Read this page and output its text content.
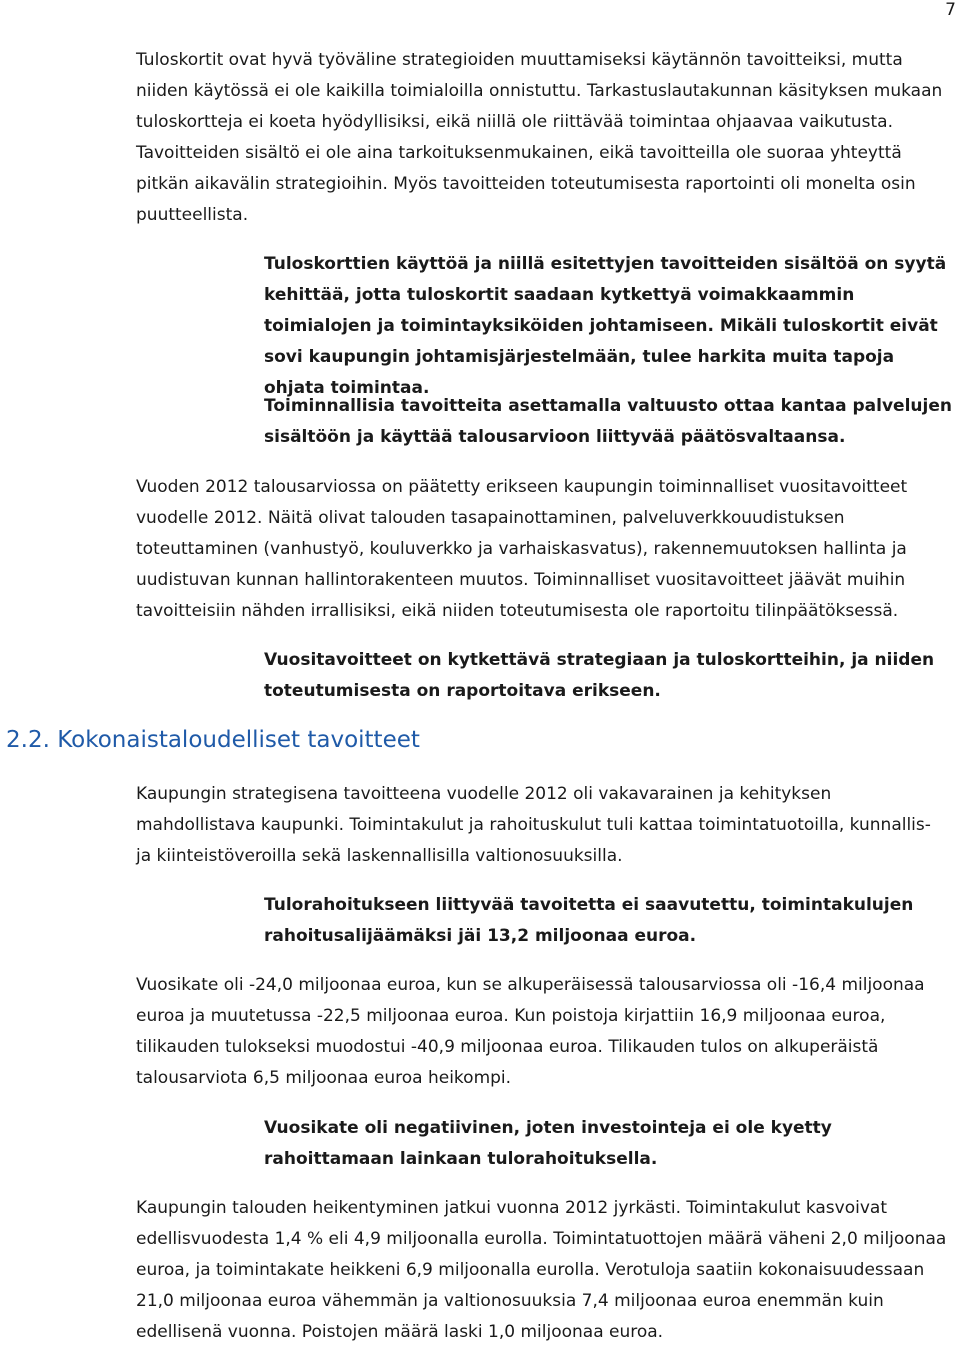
7

Tuloskortit ovat hyvä työväline strategioiden muuttamiseksi käytännön tavoitteiksi, mutta niiden käytössä ei ole kaikilla toimialoilla onnistuttu. Tarkastuslautakunnan käsityksen mukaan tuloskortteja ei koeta hyödyllisiksi, eikä niillä ole riittävää toimintaa ohjaavaa vaikutusta. Tavoitteiden sisältö ei ole aina tarkoituksenmukainen, eikä tavoitteilla ole suoraa yhteyttä pitkän aikavälin strategioihin. Myös tavoitteiden toteutumisesta raportointi oli monelta osin puutteellista.

Tuloskorttien käyttöä ja niillä esitettyjen tavoitteiden sisältöä on syytä kehittää, jotta tuloskortit saadaan kytkettyä voimakkaammin toimialojen ja toimintayksiköiden johtamiseen. Mikäli tuloskortit eivät sovi kaupungin johtamisjärjestelmään, tulee harkita muita tapoja ohjata toimintaa.

Toiminnallisia tavoitteita asettamalla valtuusto ottaa kantaa palvelujen sisältöön ja käyttää talousarvioon liittyvää päätösvaltaansa.

Vuoden 2012 talousarviossa on päätetty erikseen kaupungin toiminnalliset vuositavoitteet vuodelle 2012. Näitä olivat talouden tasapainottaminen, palveluverkkouudistuksen toteuttaminen (vanhustyö, kouluverkko ja varhaiskasvatus), rakennemuutoksen hallinta ja uudistuvan kunnan hallintorakenteen muutos. Toiminnalliset vuositavoitteet jäävät muihin tavoitteisiin nähden irrallisiksi, eikä niiden toteutumisesta ole raportoitu tilinpäätöksessä.

Vuositavoitteet on kytkettävä strategiaan ja tuloskortteihin, ja niiden toteutumisesta on raportoitava erikseen.

2.2. Kokonaistaloudelliset tavoitteet

Kaupungin strategisena tavoitteena vuodelle 2012 oli vakavarainen ja kehityksen mahdollistava kaupunki. Toimintakulut ja rahoituskulut tuli kattaa toimintatuotoilla, kunnallis- ja kiinteistöveroilla sekä laskennallisilla valtionosuuksilla.

Tulorahoitukseen liittyvää tavoitetta ei saavutettu, toimintakulujen rahoitusalijäämäksi jäi 13,2 miljoonaa euroa.

Vuosikate oli -24,0 miljoonaa euroa, kun se alkuperäisessä talousarviossa oli -16,4 miljoonaa euroa ja muutetussa -22,5 miljoonaa euroa. Kun poistoja kirjattiin 16,9 miljoonaa euroa, tilikauden tulokseksi muodostui -40,9 miljoonaa euroa. Tilikauden tulos on alkuperäistä talousarviota 6,5 miljoonaa euroa heikompi.

Vuosikate oli negatiivinen, joten investointeja ei ole kyetty rahoittamaan lainkaan tulorahoituksella.

Kaupungin talouden heikentyminen jatkui vuonna 2012 jyrkästi. Toimintakulut kasvoivat edellisvuodesta 1,4 % eli 4,9 miljoonalla eurolla. Toimintatuottojen määrä väheni 2,0 miljoonaa euroa, ja toimintakate heikkeni 6,9 miljoonalla eurolla. Verotuloja saatiin kokonaisuudessaan 21,0 miljoonaa euroa vähemmän ja valtionosuuksia 7,4 miljoonaa euroa enemmän kuin edellisenä vuonna. Poistojen määrä laski 1,0 miljoonaa euroa.
